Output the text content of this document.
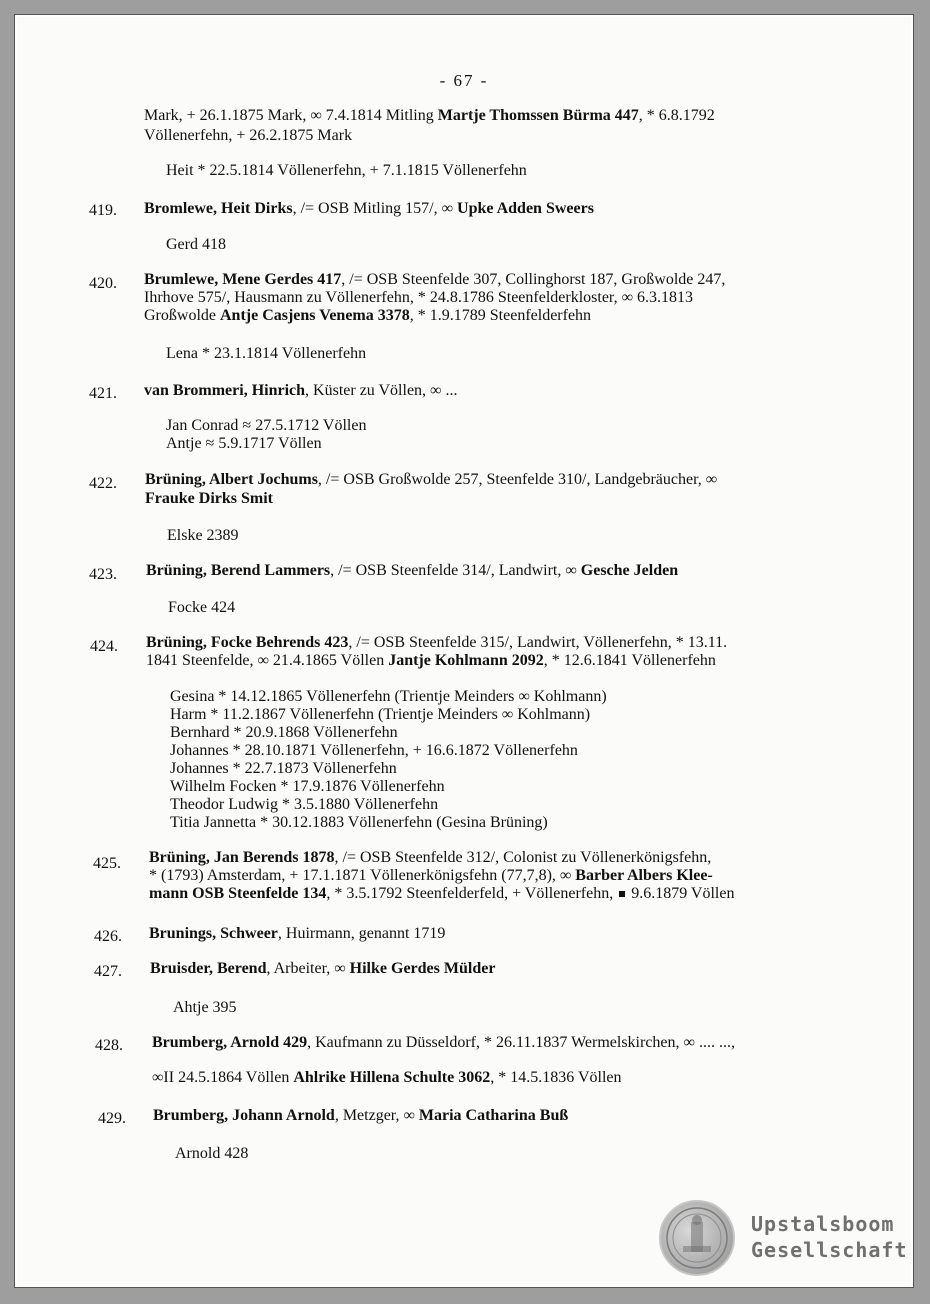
- 67 -
Mark, + 26.1.1875 Mark, ∞ 7.4.1814 Mitling Martje Thomssen Bürma 447, * 6.8.1792
Völlenerfehn, + 26.2.1875 Mark
Heit * 22.5.1814 Völlenerfehn, + 7.1.1815 Völlenerfehn
419. Bromlewe, Heit Dirks, /= OSB Mitling 157/, ∞ Upke Adden Sweers
Gerd 418
420. Brumlewe, Mene Gerdes 417, /= OSB Steenfelde 307, Collinghorst 187, Großwolde 247,
Ihrhove 575/, Hausmann zu Völlenerfehn, * 24.8.1786 Steenfelderkloster, ∞ 6.3.1813
Großwolde Antje Casjens Venema 3378, * 1.9.1789 Steenfelderfehn
Lena * 23.1.1814 Völlenerfehn
421. van Brommeri, Hinrich, Küster zu Völlen, ∞ ...
Jan Conrad ≈ 27.5.1712 Völlen
Antje ≈ 5.9.1717 Völlen
422. Brüning, Albert Jochums, /= OSB Großwolde 257, Steenfelde 310/, Landgebräucher, ∞
Frauke Dirks Smit
Elske 2389
423. Brüning, Berend Lammers, /= OSB Steenfelde 314/, Landwirt, ∞ Gesche Jelden
Focke 424
424. Brüning, Focke Behrends 423, /= OSB Steenfelde 315/, Landwirt, Völlenerfehn, * 13.11.
1841 Steenfelde, ∞ 21.4.1865 Völlen Jantje Kohlmann 2092, * 12.6.1841 Völlenerfehn
Gesina * 14.12.1865 Völlenerfehn (Trientje Meinders ∞ Kohlmann)
Harm * 11.2.1867 Völlenerfehn (Trientje Meinders ∞ Kohlmann)
Bernhard * 20.9.1868 Völlenerfehn
Johannes * 28.10.1871 Völlenerfehn, + 16.6.1872 Völlenerfehn
Johannes * 22.7.1873 Völlenerfehn
Wilhelm Focken * 17.9.1876 Völlenerfehn
Theodor Ludwig * 3.5.1880 Völlenerfehn
Titia Jannetta * 30.12.1883 Völlenerfehn (Gesina Brüning)
425. Brüning, Jan Berends 1878, /= OSB Steenfelde 312/, Colonist zu Völlenerkönigsfehn,
* (1793) Amsterdam, + 17.1.1871 Völlenerkönigsfehn (77,7,8), ∞ Barber Albers Klee-
mann OSB Steenfelde 134, * 3.5.1792 Steenfelderfeld, + Völlenerfehn,  9.6.1879 Völlen
426. Brunings, Schweer, Huirmann, genannt 1719
427. Bruisder, Berend, Arbeiter, ∞ Hilke Gerdes Mülder
Ahtje 395
428. Brumberg, Arnold 429, Kaufmann zu Düsseldorf, * 26.11.1837 Wermelskirchen, ∞ .... ...,
∞II 24.5.1864 Völlen Ahlrike Hillena Schulte 3062, * 14.5.1836 Völlen
429. Brumberg, Johann Arnold, Metzger, ∞ Maria Catharina Buß
Arnold 428
Upstalsboom
Gesellschaft
